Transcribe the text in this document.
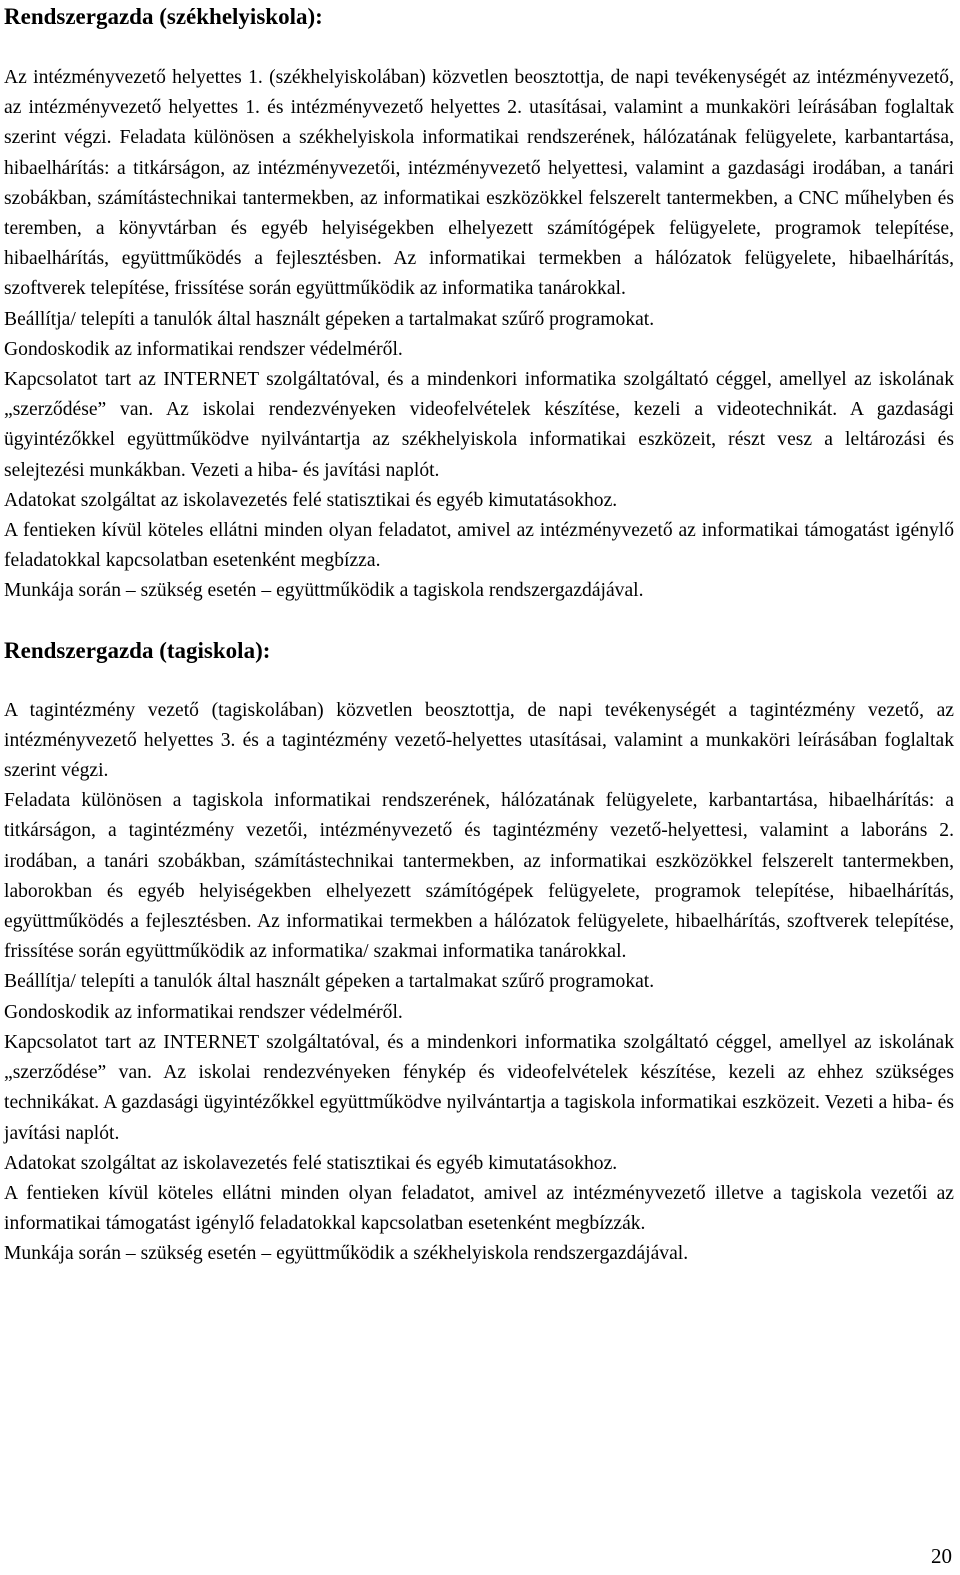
Rendszergazda (székhelyiskola):

Az intézményvezető helyettes 1. (székhelyiskolában) közvetlen beosztottja, de napi tevékenységét az intézményvezető, az intézményvezető helyettes 1. és intézményvezető helyettes 2. utasításai, valamint a munkaköri leírásában foglaltak szerint végzi. Feladata különösen a székhelyiskola informatikai rendszerének, hálózatának felügyelete, karbantartása, hibaelhárítás: a titkárságon, az intézményvezetői, intézményvezető helyettesi, valamint a gazdasági irodában, a tanári szobákban, számítástechnikai tantermekben, az informatikai eszközökkel felszerelt tantermekben, a CNC műhelyben és teremben, a könyvtárban és egyéb helyiségekben elhelyezett számítógépek felügyelete, programok telepítése, hibaelhárítás, együttműködés a fejlesztésben. Az informatikai termekben a hálózatok felügyelete, hibaelhárítás, szoftverek telepítése, frissítése során együttműködik az informatika tanárokkal.

Beállítja/ telepíti a tanulók által használt gépeken a tartalmakat szűrő programokat.

Gondoskodik az informatikai rendszer védelméről.

Kapcsolatot tart az INTERNET szolgáltatóval, és a mindenkori informatika szolgáltató céggel, amellyel az iskolának „szerződése” van. Az iskolai rendezvényeken videofelvételek készítése, kezeli a videotechnikát. A gazdasági ügyintézőkkel együttműködve nyilvántartja az székhelyiskola informatikai eszközeit, részt vesz a leltározási és selejtezési munkákban. Vezeti a hiba- és javítási naplót.

Adatokat szolgáltat az iskolavezetés felé statisztikai és egyéb kimutatásokhoz.

A fentieken kívül köteles ellátni minden olyan feladatot, amivel az intézményvezető az informatikai támogatást igénylő feladatokkal kapcsolatban esetenként megbízza.

Munkája során – szükség esetén – együttműködik a tagiskola rendszergazdájával.

Rendszergazda (tagiskola):

A tagintézmény vezető (tagiskolában) közvetlen beosztottja, de napi tevékenységét a tagintézmény vezető, az intézményvezető helyettes 3. és a tagintézmény vezető-helyettes utasításai, valamint a munkaköri leírásában foglaltak szerint végzi.

Feladata különösen a tagiskola informatikai rendszerének, hálózatának felügyelete, karbantartása, hibaelhárítás: a titkárságon, a tagintézmény vezetői, intézményvezető és tagintézmény vezető-helyettesi, valamint a laboráns 2. irodában, a tanári szobákban, számítástechnikai tantermekben, az informatikai eszközökkel felszerelt tantermekben, laborokban és egyéb helyiségekben elhelyezett számítógépek felügyelete, programok telepítése, hibaelhárítás, együttműködés a fejlesztésben. Az informatikai termekben a hálózatok felügyelete, hibaelhárítás, szoftverek telepítése, frissítése során együttműködik az informatika/ szakmai informatika tanárokkal.

Beállítja/ telepíti a tanulók által használt gépeken a tartalmakat szűrő programokat.

Gondoskodik az informatikai rendszer védelméről.

Kapcsolatot tart az INTERNET szolgáltatóval, és a mindenkori informatika szolgáltató céggel, amellyel az iskolának „szerződése” van. Az iskolai rendezvényeken fénykép és videofelvételek készítése, kezeli az ehhez szükséges technikákat. A gazdasági ügyintézőkkel együttműködve nyilvántartja a tagiskola informatikai eszközeit. Vezeti a hiba- és javítási naplót.

Adatokat szolgáltat az iskolavezetés felé statisztikai és egyéb kimutatásokhoz.

A fentieken kívül köteles ellátni minden olyan feladatot, amivel az intézményvezető illetve a tagiskola vezetői az informatikai támogatást igénylő feladatokkal kapcsolatban esetenként megbízzák.

Munkája során – szükség esetén – együttműködik a székhelyiskola rendszergazdájával.

20
